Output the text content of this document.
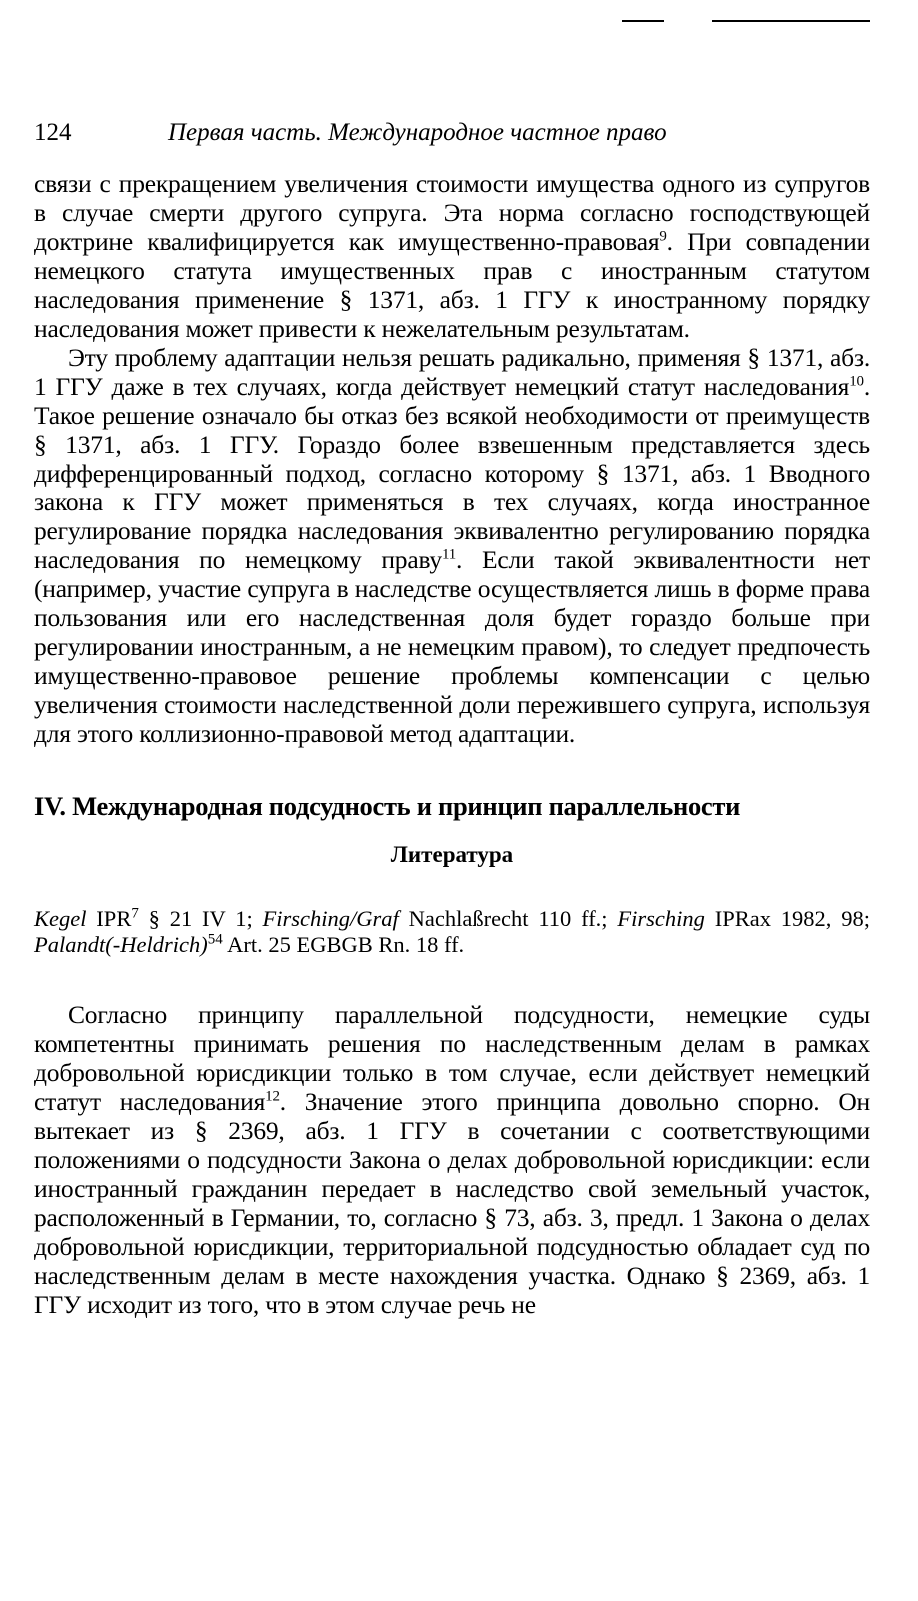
124	Первая часть. Международное частное право

связи с прекращением увеличения стоимости имущества одного из супругов в случае смерти другого супруга. Эта норма согласно господствующей доктрине квалифицируется как имущественно-правовая$^9$. При совпадении немецкого статута имущественных прав с иностранным статутом наследования применение § 1371, абз. 1 ГГУ к иностранному порядку наследования может привести к нежелательным результатам.

Эту проблему адаптации нельзя решать радикально, применяя § 1371, абз. 1 ГГУ даже в тех случаях, когда действует немецкий статут наследования$^{10}$. Такое решение означало бы отказ без всякой необходимости от преимуществ § 1371, абз. 1 ГГУ. Гораздо более взвешенным представляется здесь дифференцированный подход, согласно которому § 1371, абз. 1 Вводного закона к ГГУ может применяться в тех случаях, когда иностранное регулирование порядка наследования эквивалентно регулированию порядка наследования по немецкому праву$^{11}$. Если такой эквивалентности нет (например, участие супруга в наследстве осуществляется лишь в форме права пользования или его наследственная доля будет гораздо больше при регулировании иностранным, а не немецким правом), то следует предпочесть имущественно-правовое решение проблемы компенсации с целью увеличения стоимости наследственной доли пережившего супруга, используя для этого коллизионно-правовой метод адаптации.

IV. Международная подсудность и принцип параллельности
Литература

Kegel IPR$^7$ § 21 IV 1; Firsching/Graf Nachlaßrecht 110 ff.; Firsching IPRax 1982, 98; Palandt(-Heldrich)$^{54}$ Art. 25 EGBGB Rn. 18 ff.

Согласно принципу параллельной подсудности, немецкие суды компетентны принимать решения по наследственным делам в рамках добровольной юрисдикции только в том случае, если действует немецкий статут наследования$^{12}$. Значение этого принципа довольно спорно. Он вытекает из § 2369, абз. 1 ГГУ в сочетании с соответствующими положениями о подсудности Закона о делах добровольной юрисдикции: если иностранный гражданин передает в наследство свой земельный участок, расположенный в Германии, то, согласно § 73, абз. 3, предл. 1 Закона о делах добровольной юрисдикции, территориальной подсудностью обладает суд по наследственным делам в месте нахождения участка. Однако § 2369, абз. 1 ГГУ исходит из того, что в этом случае речь не
